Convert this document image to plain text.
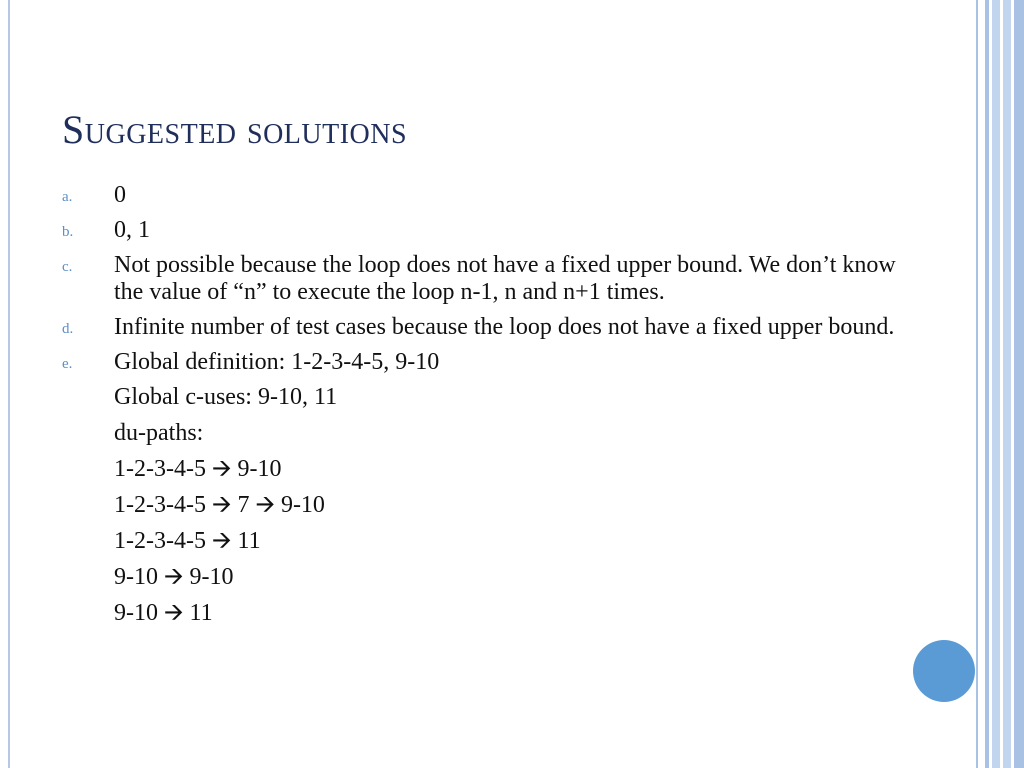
Suggested solutions
a. 0
b. 0, 1
c. Not possible because the loop does not have a fixed upper bound. We don’t know the value of “n” to execute the loop n-1, n and n+1 times.
d. Infinite number of test cases because the loop does not have a fixed upper bound.
e. Global definition: 1-2-3-4-5, 9-10
Global c-uses: 9-10, 11
du-paths:
1-2-3-4-5 🡪 9-10
1-2-3-4-5 🡪 7 🡪 9-10
1-2-3-4-5 🡪 11
9-10 🡪 9-10
9-10 🡪 11
